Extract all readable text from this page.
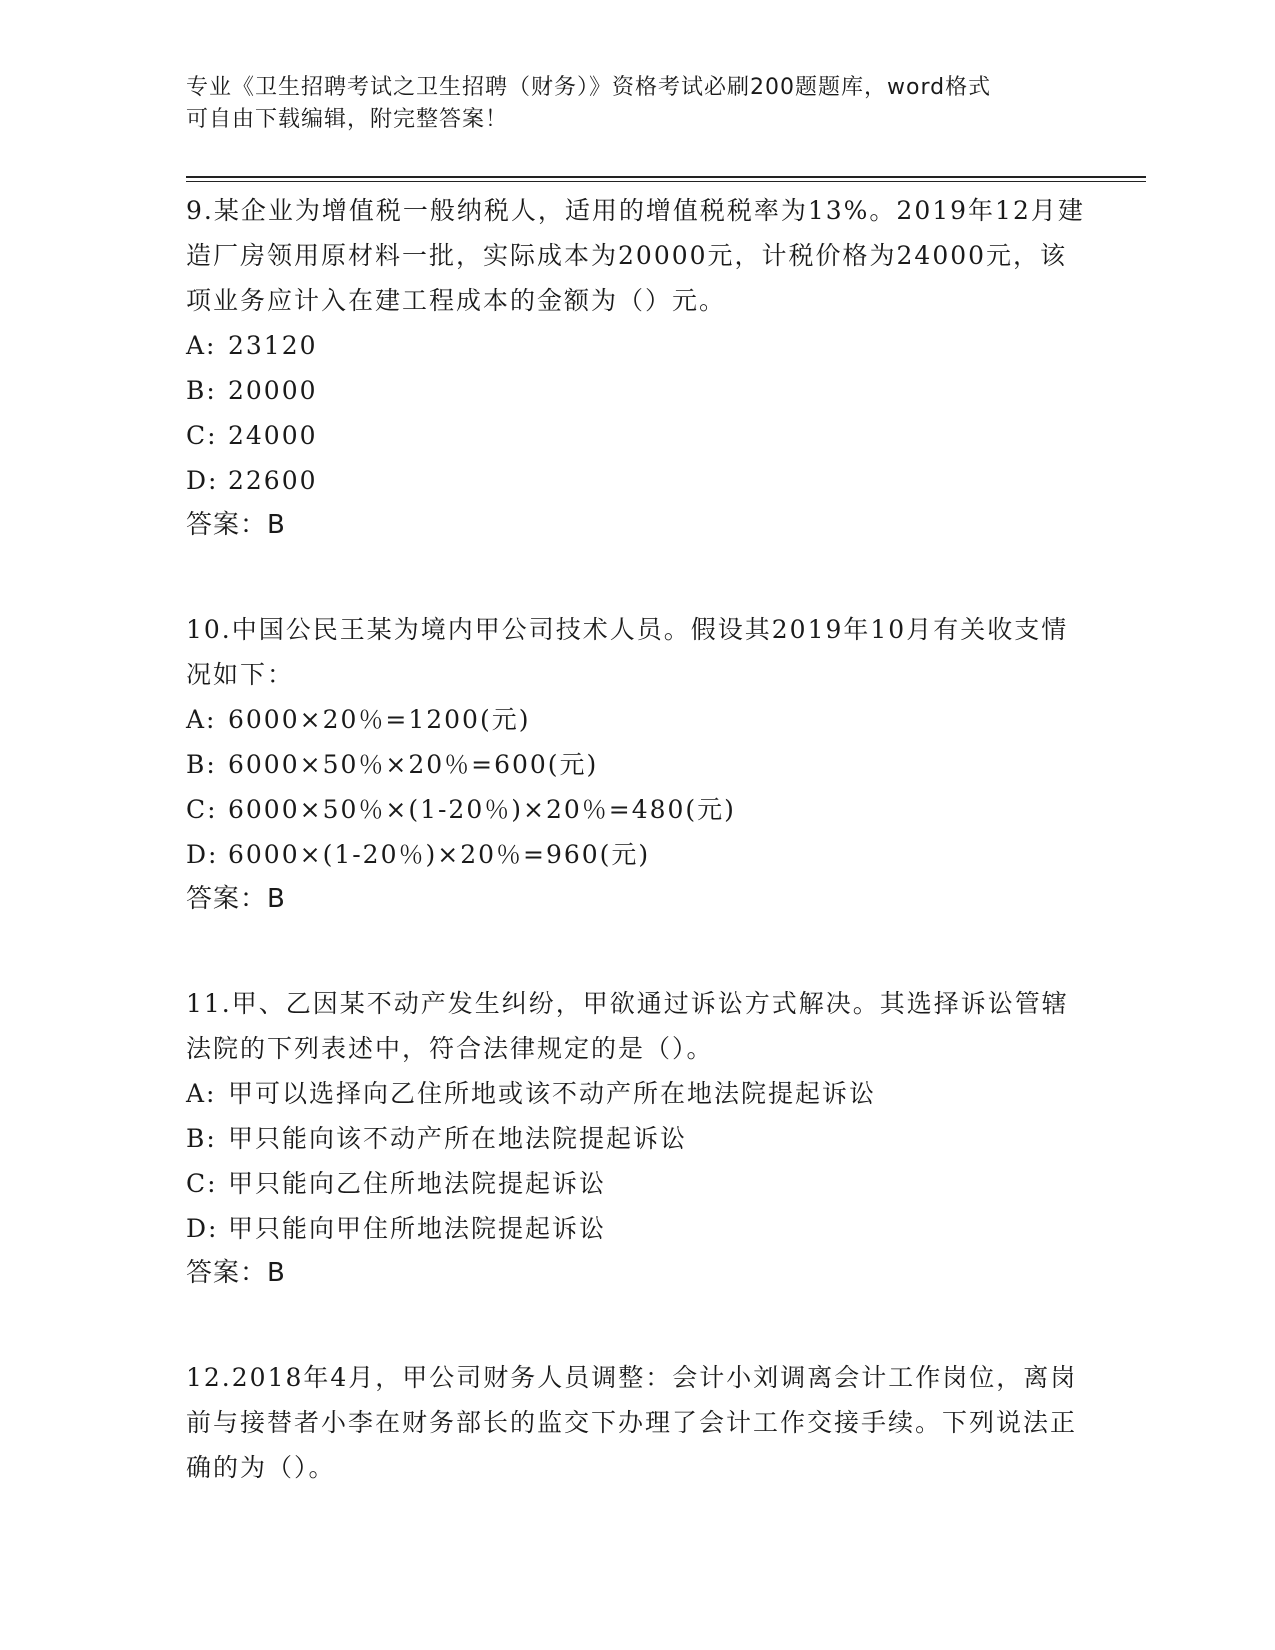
专业《卫生招聘考试之卫生招聘（财务）》资格考试必刷200题题库，word格式
可自由下载编辑，附完整答案！
9.某企业为增值税一般纳税人，适用的增值税税率为13%。2019年12月建造厂房领用原材料一批，实际成本为20000元，计税价格为24000元，该项业务应计入在建工程成本的金额为（）元。
A: 23120
B: 20000
C: 24000
D: 22600
答案：B
10.中国公民王某为境内甲公司技术人员。假设其2019年10月有关收支情况如下：
A: 6000×20％=1200(元)
B: 6000×50％×20％=600(元)
C: 6000×50％×(1-20％)×20％=480(元)
D: 6000×(1-20％)×20％=960(元)
答案：B
11.甲、乙因某不动产发生纠纷，甲欲通过诉讼方式解决。其选择诉讼管辖法院的下列表述中，符合法律规定的是（）。
A: 甲可以选择向乙住所地或该不动产所在地法院提起诉讼
B: 甲只能向该不动产所在地法院提起诉讼
C: 甲只能向乙住所地法院提起诉讼
D: 甲只能向甲住所地法院提起诉讼
答案：B
12.2018年4月，甲公司财务人员调整：会计小刘调离会计工作岗位，离岗前与接替者小李在财务部长的监交下办理了会计工作交接手续。下列说法正确的为（）。
